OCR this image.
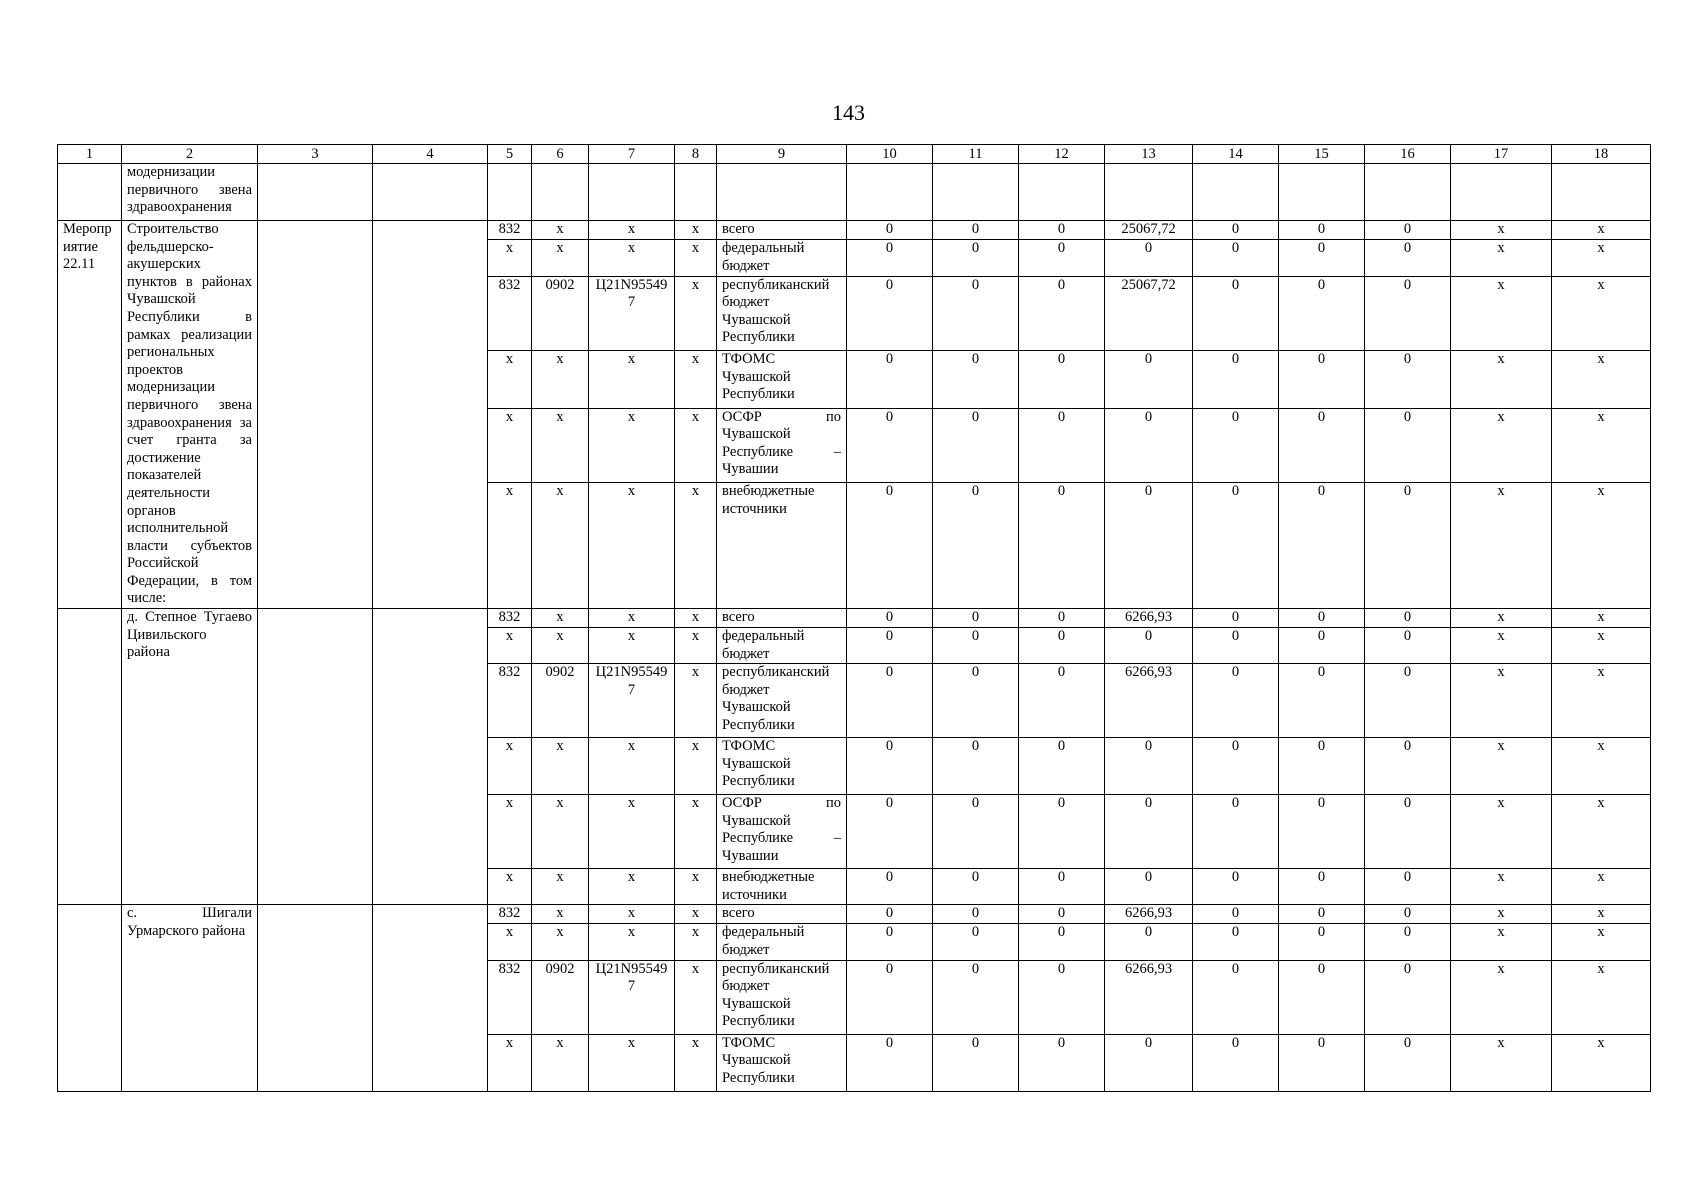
143
1	2	3	4	5	6	7	8	9	10	11	12	13	14	15	16	17	18
	модернизации первичного звена здравоохранения																
Мероприятие 22.11	Строительство фельдшерско-акушерских пунктов в районах Чувашской Республики в рамках реализации региональных проектов модернизации первичного звена здравоохранения за счет гранта за достижение показателей деятельности органов исполнительной власти субъектов Российской Федерации, в том числе:			832	x	x	x	всего	0	0	0	25067,72	0	0	0	x	x
				x	x	x	x	федеральный бюджет	0	0	0	0	0	0	0	x	x
				832	0902	Ц21N955497	x	республиканский бюджет Чувашской Республики	0	0	0	25067,72	0	0	0	x	x
				x	x	x	x	ТФОМС Чувашской Республики	0	0	0	0	0	0	0	x	x
				x	x	x	x	ОСФР по Чувашской Республике – Чувашии	0	0	0	0	0	0	0	x	x
				x	x	x	x	внебюджетные источники	0	0	0	0	0	0	0	x	x
	д. Степное Тугаево Цивильского района			832	x	x	x	всего	0	0	0	6266,93	0	0	0	x	x
				x	x	x	x	федеральный бюджет	0	0	0	0	0	0	0	x	x
				832	0902	Ц21N955497	x	республиканский бюджет Чувашской Республики	0	0	0	6266,93	0	0	0	x	x
				x	x	x	x	ТФОМС Чувашской Республики	0	0	0	0	0	0	0	x	x
				x	x	x	x	ОСФР по Чувашской Республике – Чувашии	0	0	0	0	0	0	0	x	x
				x	x	x	x	внебюджетные источники	0	0	0	0	0	0	0	x	x
	с. Шигали Урмарского района			832	x	x	x	всего	0	0	0	6266,93	0	0	0	x	x
				x	x	x	x	федеральный бюджет	0	0	0	0	0	0	0	x	x
				832	0902	Ц21N955497	x	республиканский бюджет Чувашской Республики	0	0	0	6266,93	0	0	0	x	x
				x	x	x	x	ТФОМС Чувашской Республики	0	0	0	0	0	0	0	x	x
